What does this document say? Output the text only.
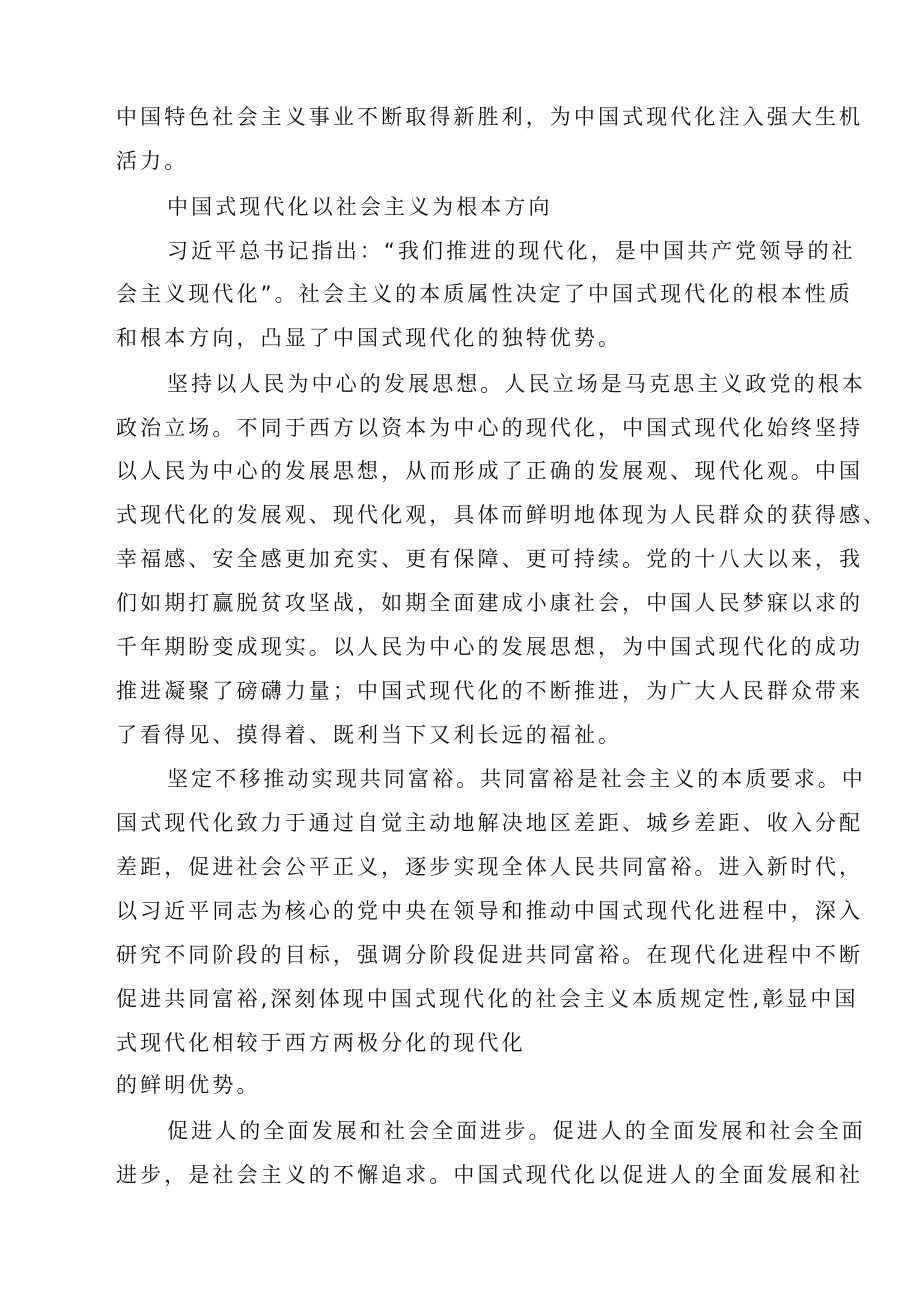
中国特色社会主义事业不断取得新胜利，为中国式现代化注入强大生机
活力。
中国式现代化以社会主义为根本方向
习近平总书记指出：“我们推进的现代化，是中国共产党领导的社
会主义现代化”。社会主义的本质属性决定了中国式现代化的根本性质
和根本方向，凸显了中国式现代化的独特优势。
坚持以人民为中心的发展思想。人民立场是马克思主义政党的根本
政治立场。不同于西方以资本为中心的现代化，中国式现代化始终坚持
以人民为中心的发展思想，从而形成了正确的发展观、现代化观。中国
式现代化的发展观、现代化观，具体而鲜明地体现为人民群众的获得感、
幸福感、安全感更加充实、更有保障、更可持续。党的十八大以来，我
们如期打赢脱贫攻坚战，如期全面建成小康社会，中国人民梦寐以求的
千年期盼变成现实。以人民为中心的发展思想，为中国式现代化的成功
推进凝聚了磅礴力量；中国式现代化的不断推进，为广大人民群众带来
了看得见、摸得着、既利当下又利长远的福祉。
坚定不移推动实现共同富裕。共同富裕是社会主义的本质要求。中
国式现代化致力于通过自觉主动地解决地区差距、城乡差距、收入分配
差距，促进社会公平正义，逐步实现全体人民共同富裕。进入新时代，
以习近平同志为核心的党中央在领导和推动中国式现代化进程中，深入
研究不同阶段的目标，强调分阶段促进共同富裕。在现代化进程中不断
促进共同富裕,深刻体现中国式现代化的社会主义本质规定性,彰显中国
式现代化相较于西方两极分化的现代化
的鲜明优势。
促进人的全面发展和社会全面进步。促进人的全面发展和社会全面
进步，是社会主义的不懈追求。中国式现代化以促进人的全面发展和社
